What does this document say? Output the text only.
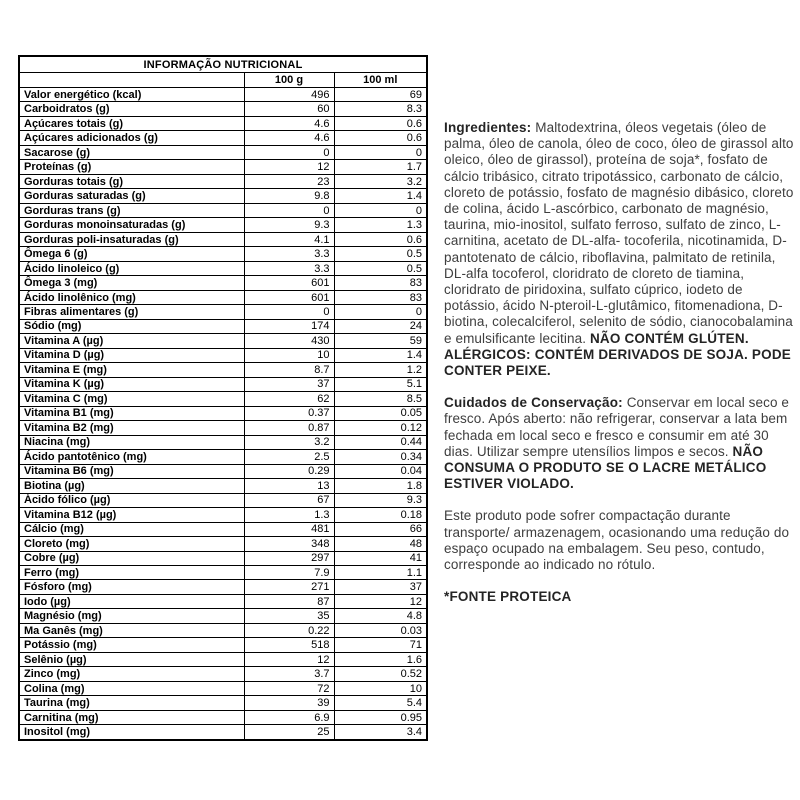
INFORMAÇÃO NUTRICIONAL		
	100 g	100 ml
Valor energético (kcal)	496	69
Carboidratos (g)	60	8.3
Açúcares totais (g)	4.6	0.6
Açúcares adicionados (g)	4.6	0.6
Sacarose (g)	0	0
Proteínas (g)	12	1.7
Gorduras totais (g)	23	3.2
Gorduras saturadas (g)	9.8	1.4
Gorduras trans (g)	0	0
Gorduras monoinsaturadas (g)	9.3	1.3
Gorduras poli-insaturadas (g)	4.1	0.6
Ômega 6 (g)	3.3	0.5
Ácido linoleico (g)	3.3	0.5
Ômega 3 (mg)	601	83
Ácido linolênico (mg)	601	83
Fibras alimentares (g)	0	0
Sódio (mg)	174	24
Vitamina A (µg)	430	59
Vitamina D (µg)	10	1.4
Vitamina E (mg)	8.7	1.2
Vitamina K (µg)	37	5.1
Vitamina C (mg)	62	8.5
Vitamina B1 (mg)	0.37	0.05
Vitamina B2 (mg)	0.87	0.12
Niacina (mg)	3.2	0.44
Ácido pantotênico (mg)	2.5	0.34
Vitamina B6 (mg)	0.29	0.04
Biotina (µg)	13	1.8
Ácido fólico (µg)	67	9.3
Vitamina B12 (µg)	1.3	0.18
Cálcio (mg)	481	66
Cloreto (mg)	348	48
Cobre (µg)	297	41
Ferro (mg)	7.9	1.1
Fósforo (mg)	271	37
Iodo (µg)	87	12
Magnésio (mg)	35	4.8
Ma Ganês (mg)	0.22	0.03
Potássio (mg)	518	71
Selênio (µg)	12	1.6
Zinco (mg)	3.7	0.52
Colina (mg)	72	10
Taurina (mg)	39	5.4
Carnitina (mg)	6.9	0.95
Inositol (mg)	25	3.4

Ingredientes: Maltodextrina, óleos vegetais (óleo de palma, óleo de canola, óleo de coco, óleo de girassol alto oleico, óleo de girassol), proteína de soja*, fosfato de cálcio tribásico, citrato tripotássico, carbonato de cálcio, cloreto de potássio, fosfato de magnésio dibásico, cloreto de colina, ácido L-ascórbico, carbonato de magnésio, taurina, mio-inositol, sulfato ferroso, sulfato de zinco, L-carnitina, acetato de DL-alfa- tocoferila, nicotinamida, D-pantotenato de cálcio, riboflavina, palmitato de retinila, DL-alfa tocoferol, cloridrato de cloreto de tiamina, cloridrato de piridoxina, sulfato cúprico, iodeto de potássio, ácido N-pteroil-L-glutâmico, fitomenadiona, D-biotina, colecalciferol, selenito de sódio, cianocobalamina e emulsificante lecitina. NÃO CONTÉM GLÚTEN. ALÉRGICOS: CONTÉM DERIVADOS DE SOJA. PODE CONTER PEIXE.

Cuidados de Conservação: Conservar em local seco e fresco. Após aberto: não refrigerar, conservar a lata bem fechada em local seco e fresco e consumir em até 30 dias. Utilizar sempre utensílios limpos e secos. NÃO CONSUMA O PRODUTO SE O LACRE METÁLICO ESTIVER VIOLADO.

Este produto pode sofrer compactação durante transporte/ armazenagem, ocasionando uma redução do espaço ocupado na embalagem. Seu peso, contudo, corresponde ao indicado no rótulo.

*FONTE PROTEICA
